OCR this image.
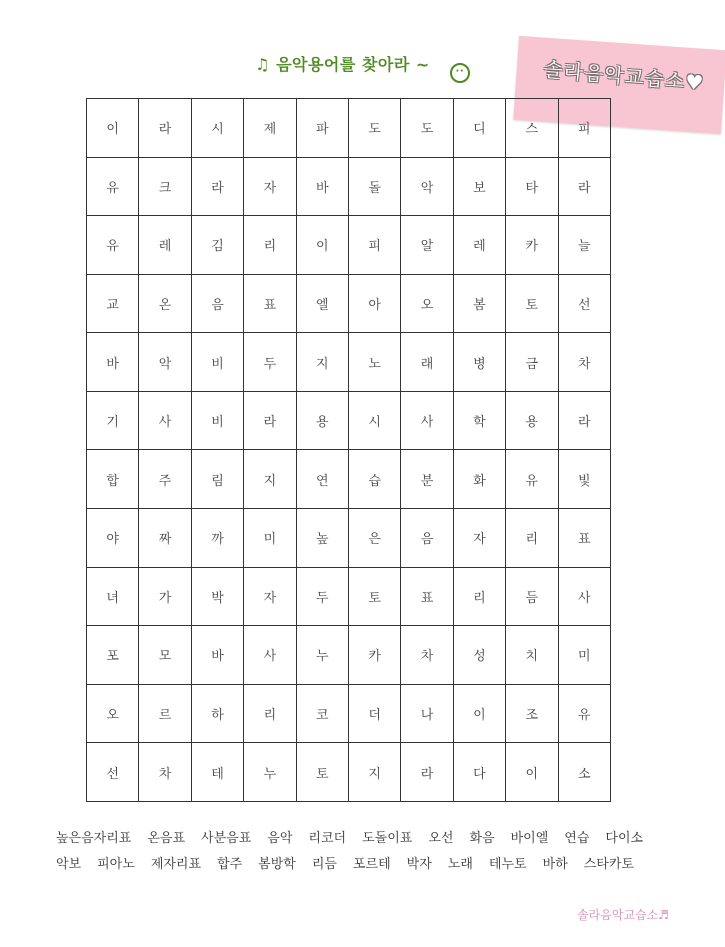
♫ 음악용어를 찾아라 ~	··	솔라음악교습소♥
이	라	시	제	파	도	도	디	스	피
유	크	라	자	바	돌	악	보	타	라
유	레	김	리	이	피	알	레	카	늘
교	온	음	표	엘	아	오	봄	토	선
바	악	비	두	지	노	래	병	금	차
기	사	비	라	용	시	사	학	용	라
합	주	림	지	연	습	분	화	유	빛
야	짜	까	미	높	은	음	자	리	표
녀	가	박	자	두	토	표	리	듬	사
포	모	바	사	누	카	차	성	치	미
오	르	하	리	코	더	나	이	조	유
선	차	테	누	토	지	라	다	이	소
높은음자리표 온음표 사분음표 음악 리코더 도돌이표 오선 화음 바이엘 연습 다이소악보 피아노 제자리표 합주 봄방학 리듬 포르테 박자 노래 테누토 바하 스타카토
솔라음악교습소♬
